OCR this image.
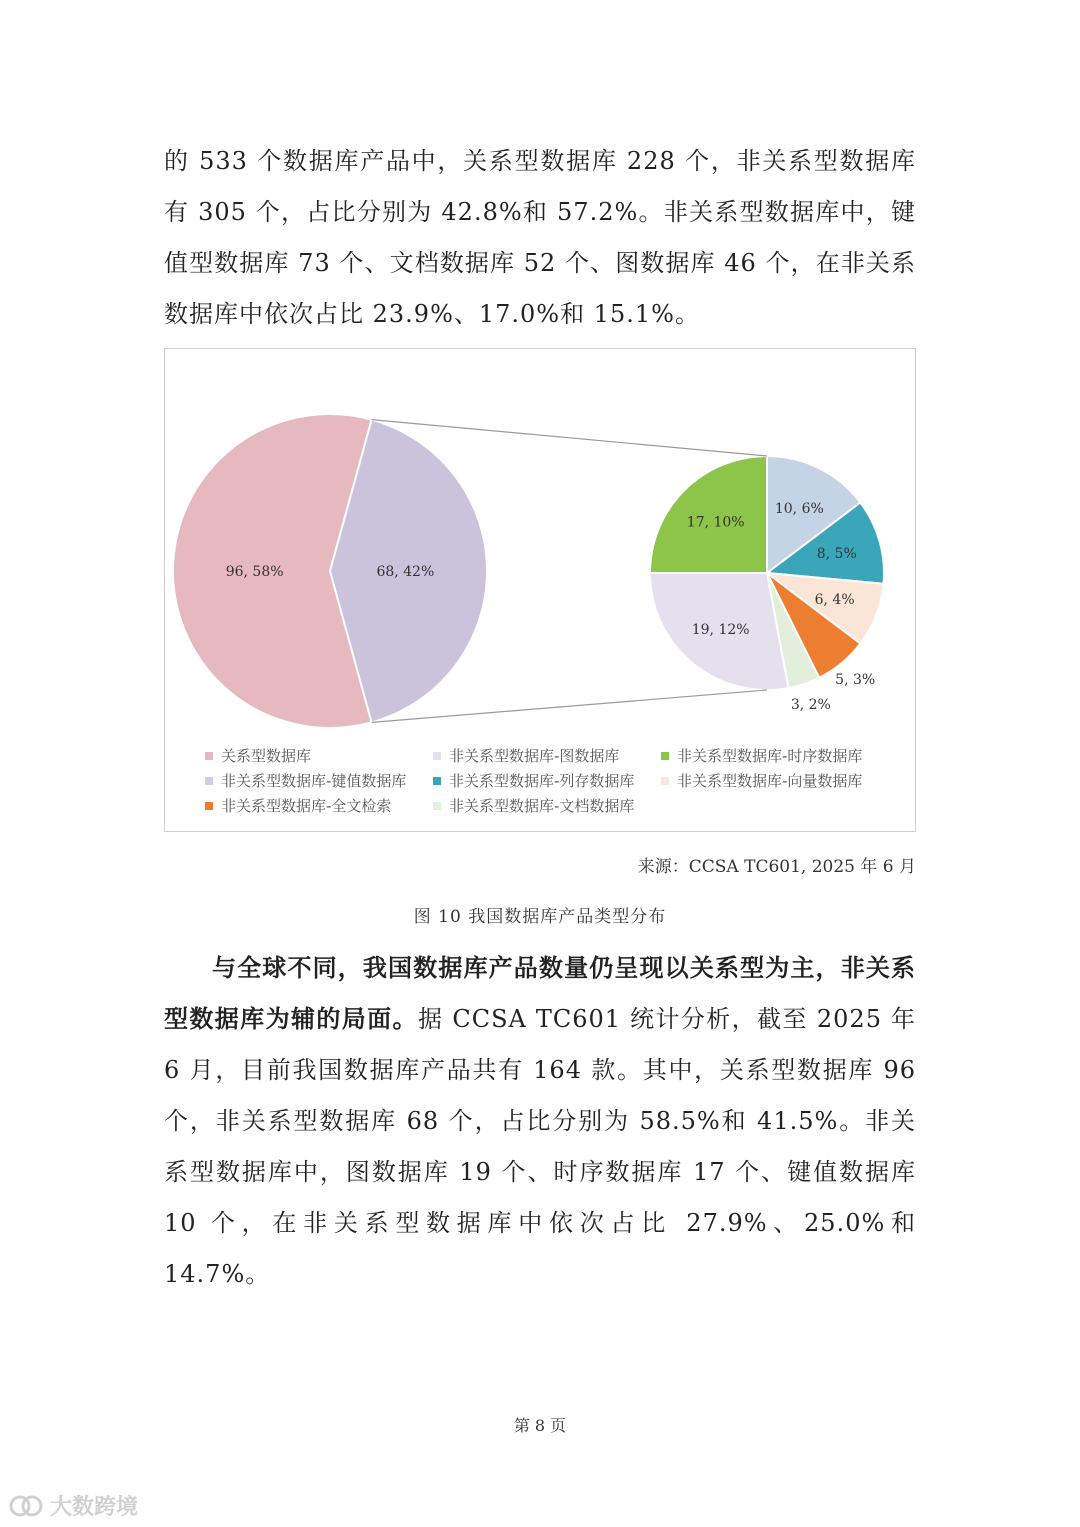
的 533 个数据库产品中，关系型数据库 228 个，非关系型数据库有 305 个，占比分别为 42.8%和 57.2%。非关系型数据库中，键值型数据库 73 个、文档数据库 52 个、图数据库 46 个，在非关系数据库中依次占比 23.9%、17.0%和 15.1%。

96, 58%	68, 42%
10, 6%
8, 5%
6, 4%
5, 3%
3, 2%
19, 12%
17, 10%
关系型数据库	非关系型数据库-图数据库	非关系型数据库-时序数据库
非关系型数据库-键值数据库	非关系型数据库-列存数据库	非关系型数据库-向量数据库
非关系型数据库-全文检索	非关系型数据库-文档数据库
来源：CCSA TC601, 2025 年 6 月
图 10 我国数据库产品类型分布

与全球不同，我国数据库产品数量仍呈现以关系型为主，非关系型数据库为辅的局面。据 CCSA TC601 统计分析，截至 2025 年 6 月，目前我国数据库产品共有 164 款。其中，关系型数据库 96 个，非关系型数据库 68 个，占比分别为 58.5%和 41.5%。非关系型数据库中，图数据库 19 个、时序数据库 17 个、键值数据库 10 个，在非关系型数据库中依次占比 27.9%、25.0%和 14.7%。

第 8 页
大数跨境
